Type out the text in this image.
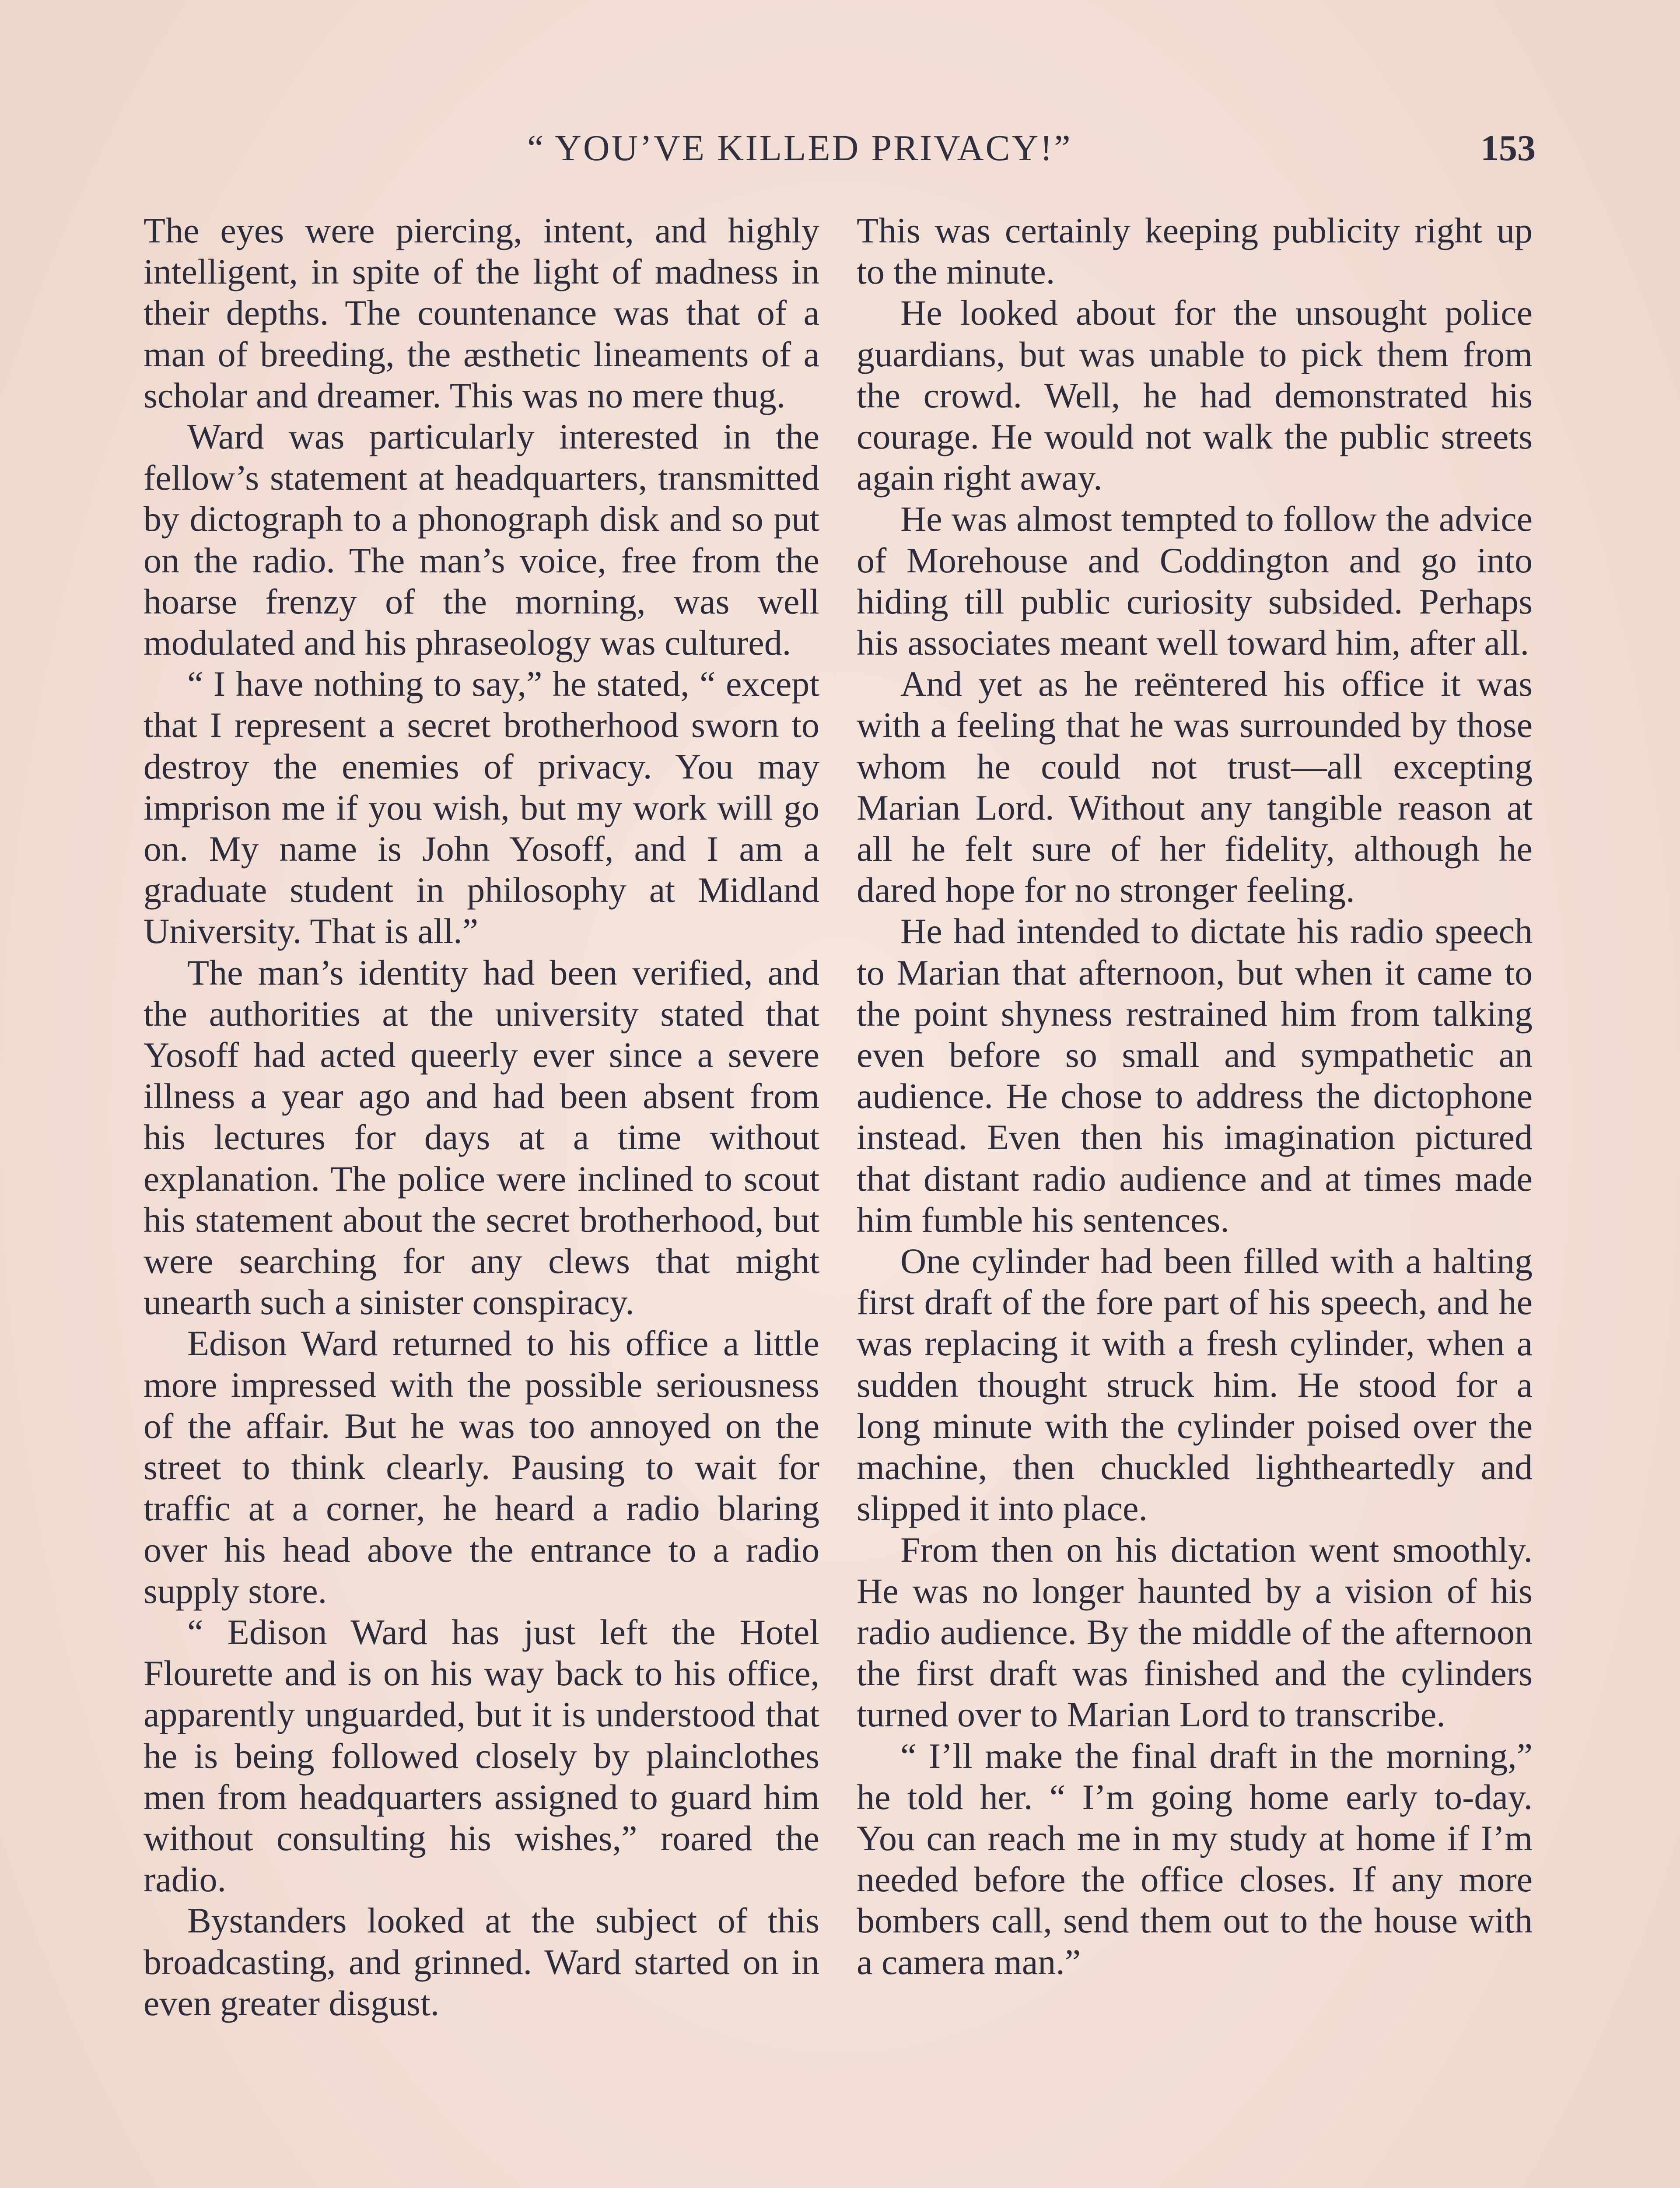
“ YOU’VE KILLED PRIVACY!”	153

The eyes were piercing, intent, and highly intelligent, in spite of the light of madness in their depths. The countenance was that of a man of breeding, the æsthetic lineaments of a scholar and dreamer. This was no mere thug.

Ward was particularly interested in the fellow’s statement at headquarters, transmitted by dictograph to a phonograph disk and so put on the radio. The man’s voice, free from the hoarse frenzy of the morning, was well modulated and his phraseology was cultured.

“ I have nothing to say,” he stated, “ except that I represent a secret brotherhood sworn to destroy the enemies of privacy. You may imprison me if you wish, but my work will go on. My name is John Yosoff, and I am a graduate student in philosophy at Midland University. That is all.”

The man’s identity had been verified, and the authorities at the university stated that Yosoff had acted queerly ever since a severe illness a year ago and had been absent from his lectures for days at a time without explanation. The police were inclined to scout his statement about the secret brotherhood, but were searching for any clews that might unearth such a sinister conspiracy.

Edison Ward returned to his office a little more impressed with the possible seriousness of the affair. But he was too annoyed on the street to think clearly. Pausing to wait for traffic at a corner, he heard a radio blaring over his head above the entrance to a radio supply store.

“ Edison Ward has just left the Hotel Flourette and is on his way back to his office, apparently unguarded, but it is understood that he is being followed closely by plainclothes men from headquarters assigned to guard him without consulting his wishes,” roared the radio.

Bystanders looked at the subject of this broadcasting, and grinned. Ward started on in even greater disgust.

This was certainly keeping publicity right up to the minute.

He looked about for the unsought police guardians, but was unable to pick them from the crowd. Well, he had demonstrated his courage. He would not walk the public streets again right away.

He was almost tempted to follow the advice of Morehouse and Coddington and go into hiding till public curiosity subsided. Perhaps his associates meant well toward him, after all.

And yet as he reëntered his office it was with a feeling that he was surrounded by those whom he could not trust—all excepting Marian Lord. Without any tangible reason at all he felt sure of her fidelity, although he dared hope for no stronger feeling.

He had intended to dictate his radio speech to Marian that afternoon, but when it came to the point shyness restrained him from talking even before so small and sympathetic an audience. He chose to address the dictophone instead. Even then his imagination pictured that distant radio audience and at times made him fumble his sentences.

One cylinder had been filled with a halting first draft of the fore part of his speech, and he was replacing it with a fresh cylinder, when a sudden thought struck him. He stood for a long minute with the cylinder poised over the machine, then chuckled lightheartedly and slipped it into place.

From then on his dictation went smoothly. He was no longer haunted by a vision of his radio audience. By the middle of the afternoon the first draft was finished and the cylinders turned over to Marian Lord to transcribe.

“ I’ll make the final draft in the morning,” he told her. “ I’m going home early to-day. You can reach me in my study at home if I’m needed before the office closes. If any more bombers call, send them out to the house with a camera man.”
